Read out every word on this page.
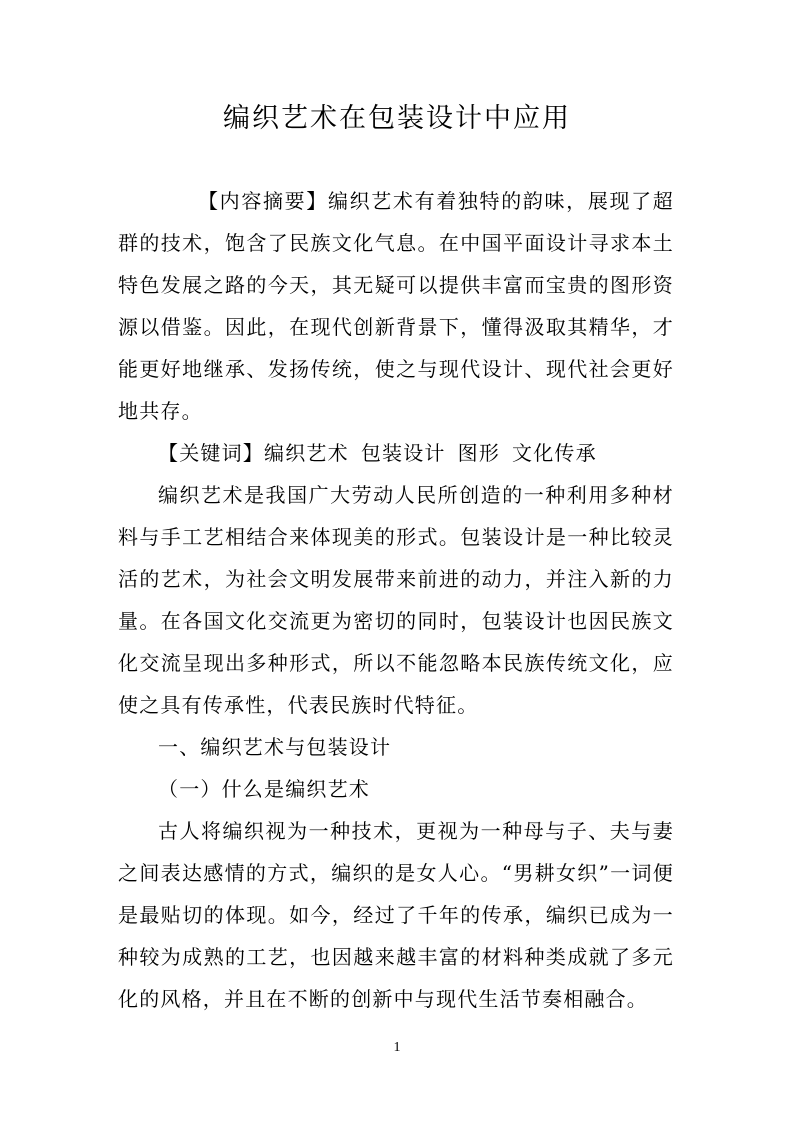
编织艺术在包装设计中应用

【内容摘要】编织艺术有着独特的韵味，展现了超群的技术，饱含了民族文化气息。在中国平面设计寻求本土特色发展之路的今天，其无疑可以提供丰富而宝贵的图形资源以借鉴。因此，在现代创新背景下，懂得汲取其精华，才能更好地继承、发扬传统，使之与现代设计、现代社会更好地共存。

【关键词】编织艺术 包装设计 图形 文化传承

编织艺术是我国广大劳动人民所创造的一种利用多种材料与手工艺相结合来体现美的形式。包装设计是一种比较灵活的艺术，为社会文明发展带来前进的动力，并注入新的力量。在各国文化交流更为密切的同时，包装设计也因民族文化交流呈现出多种形式，所以不能忽略本民族传统文化，应使之具有传承性，代表民族时代特征。

一、编织艺术与包装设计

（一）什么是编织艺术

古人将编织视为一种技术，更视为一种母与子、夫与妻之间表达感情的方式，编织的是女人心。“男耕女织”一词便是最贴切的体现。如今，经过了千年的传承，编织已成为一种较为成熟的工艺，也因越来越丰富的材料种类成就了多元化的风格，并且在不断的创新中与现代生活节奏相融合。

1
